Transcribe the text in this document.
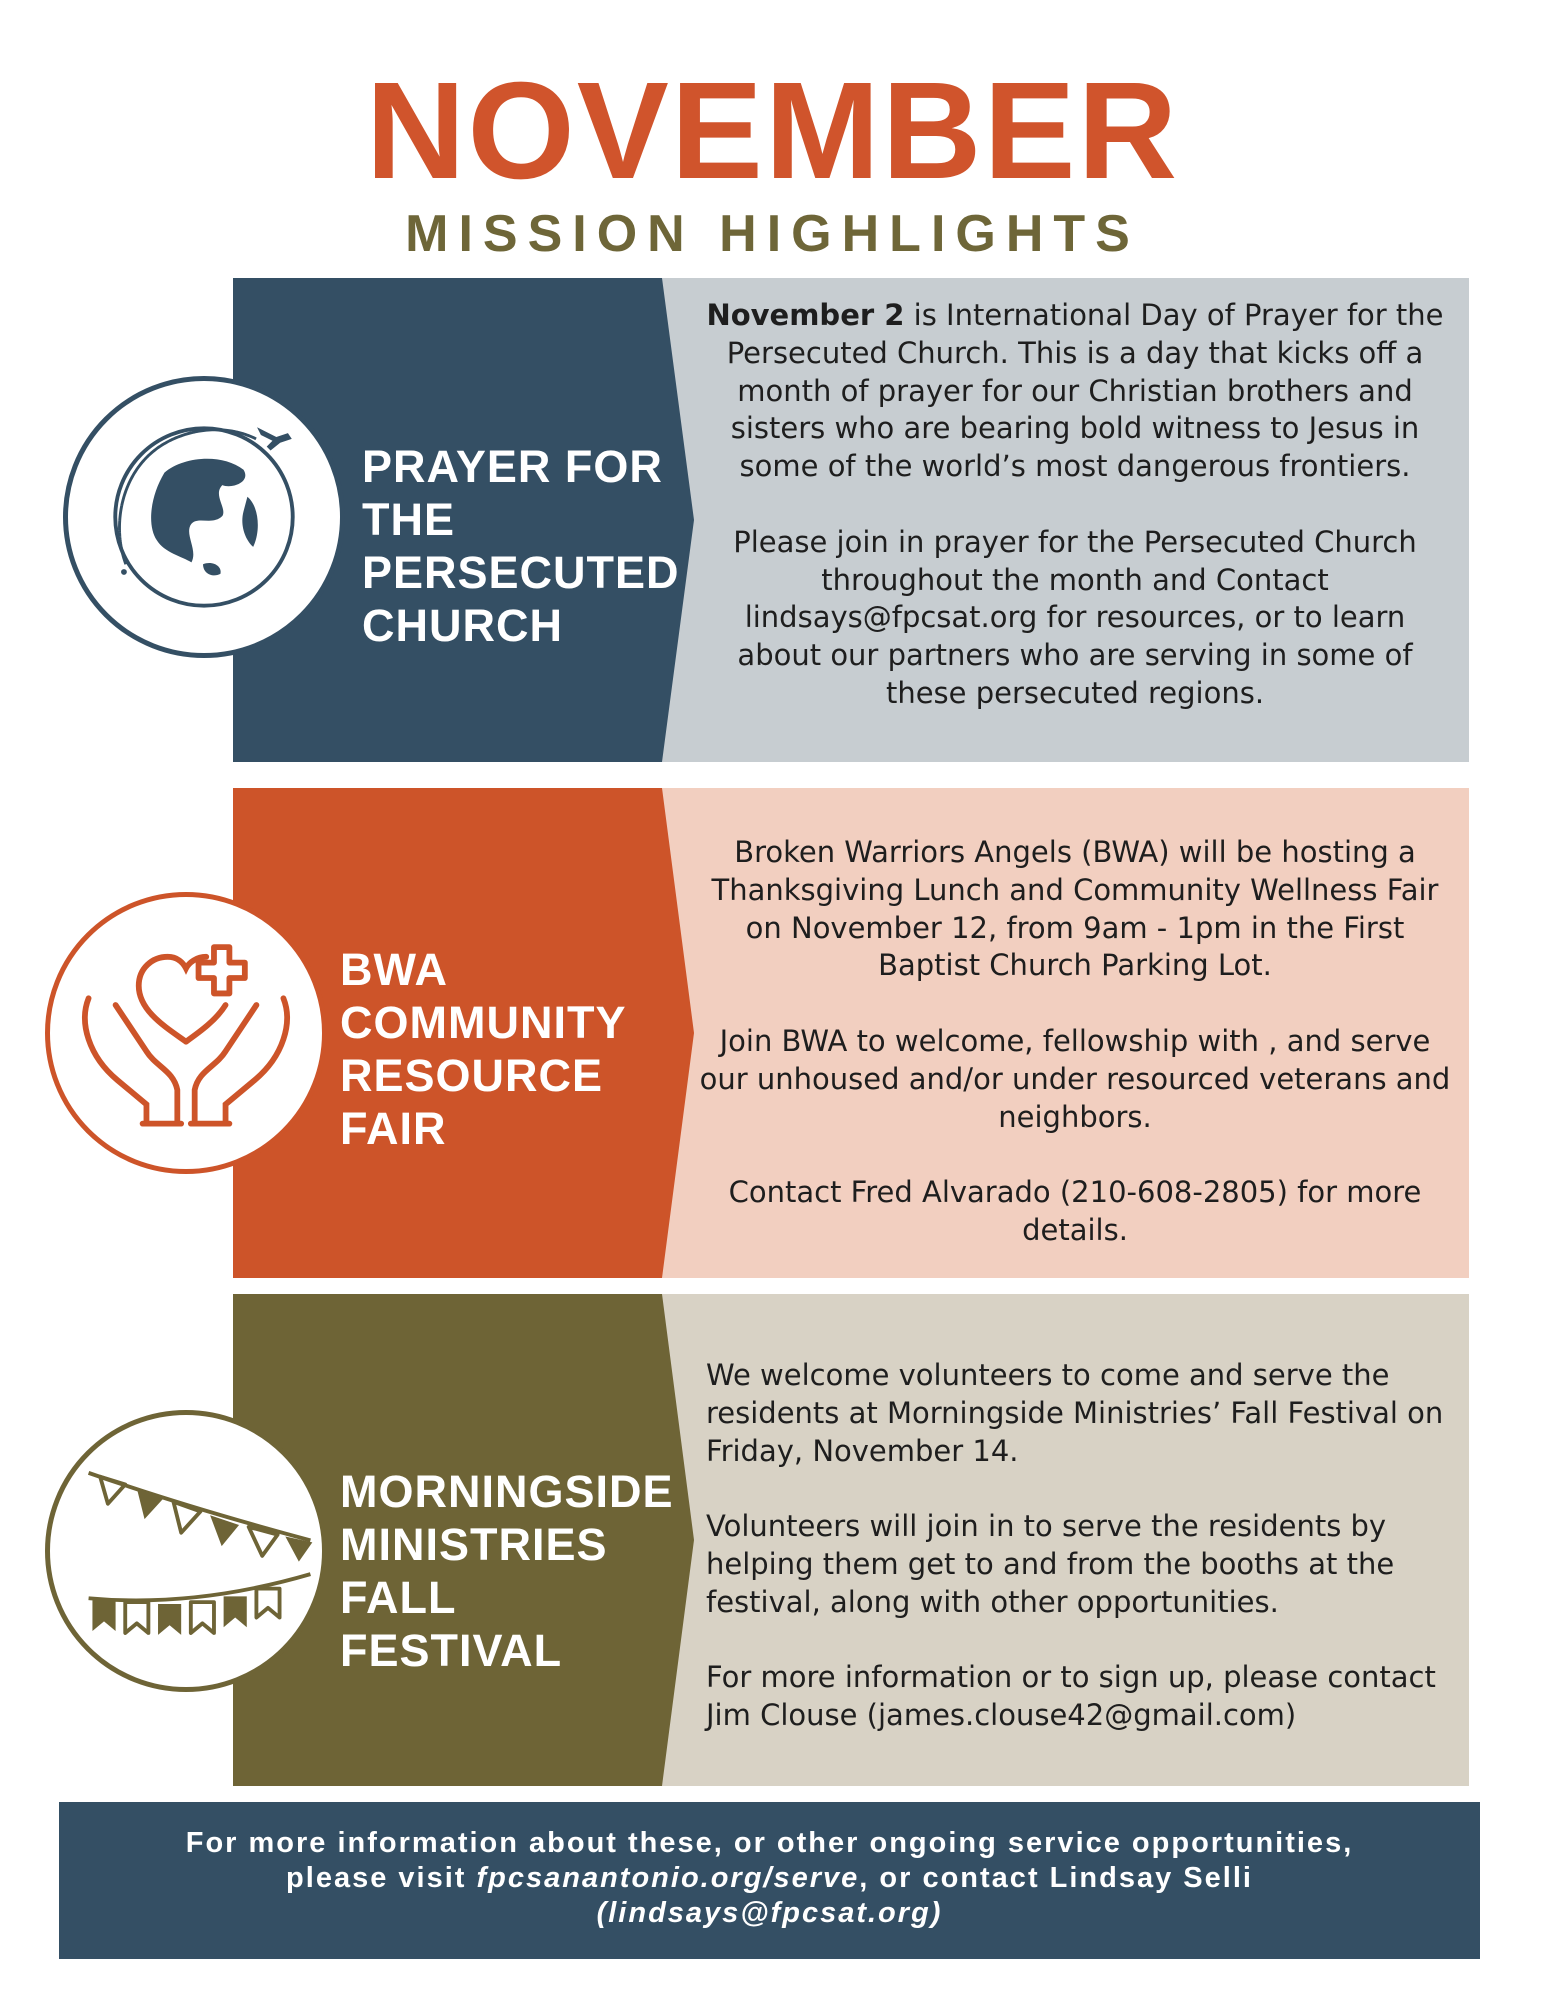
NOVEMBER
MISSION HIGHLIGHTS
PRAYER FOR
THE
PERSECUTED
CHURCH

November 2 is International Day of Prayer for the Persecuted Church. This is a day that kicks off a month of prayer for our Christian brothers and sisters who are bearing bold witness to Jesus in some of the world’s most dangerous frontiers.

Please join in prayer for the Persecuted Church throughout the month and Contact lindsays@fpcsat.org for resources, or to learn about our partners who are serving in some of these persecuted regions.

BWA
COMMUNITY
RESOURCE
FAIR

Broken Warriors Angels (BWA) will be hosting a Thanksgiving Lunch and Community Wellness Fair on November 12, from 9am - 1pm in the First Baptist Church Parking Lot.

Join BWA to welcome, fellowship with , and serve our unhoused and/or under resourced veterans and neighbors.

Contact Fred Alvarado (210-608-2805) for more details.

MORNINGSIDE
MINISTRIES
FALL
FESTIVAL

We welcome volunteers to come and serve the residents at Morningside Ministries’ Fall Festival on Friday, November 14.

Volunteers will join in to serve the residents by helping them get to and from the booths at the festival, along with other opportunities.

For more information or to sign up, please contact Jim Clouse (james.clouse42@gmail.com)

For more information about these, or other ongoing service opportunities,

please visit fpcsanantonio.org/serve, or contact Lindsay Selli

(lindsays@fpcsat.org)
